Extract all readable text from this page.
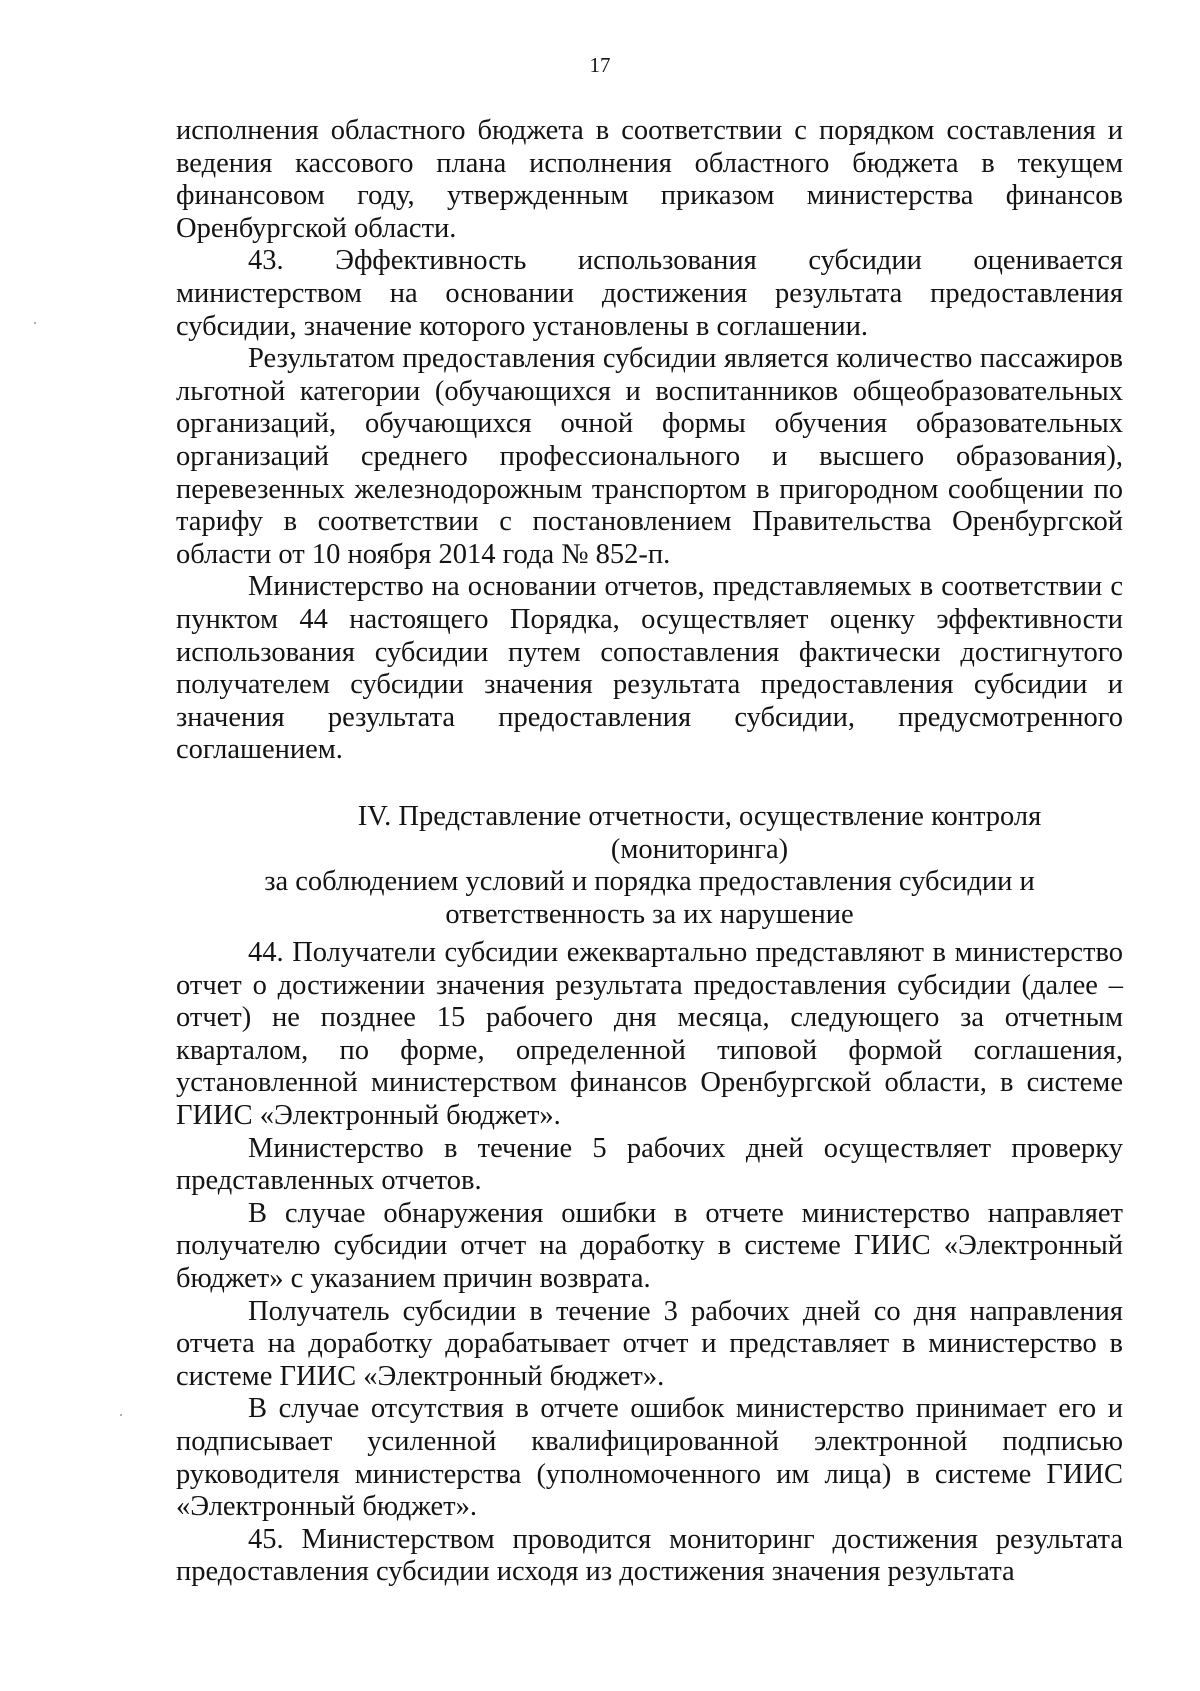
17

исполнения областного бюджета в соответствии с порядком составления и ведения кассового плана исполнения областного бюджета в текущем финансовом году, утвержденным приказом министерства финансов Оренбургской области.

43. Эффективность использования субсидии оценивается министерством на основании достижения результата предоставления субсидии, значение которого установлены в соглашении.

Результатом предоставления субсидии является количество пассажиров льготной категории (обучающихся и воспитанников общеобразовательных организаций, обучающихся очной формы обучения образовательных организаций среднего профессионального и высшего образования), перевезенных железнодорожным транспортом в пригородном сообщении по тарифу в соответствии с постановлением Правительства Оренбургской области от 10 ноября 2014 года № 852-п.

Министерство на основании отчетов, представляемых в соответствии с пунктом 44 настоящего Порядка, осуществляет оценку эффективности использования субсидии путем сопоставления фактически достигнутого получателем субсидии значения результата предоставления субсидии и значения результата предоставления субсидии, предусмотренного соглашением.

IV. Представление отчетности, осуществление контроля (мониторинга)
за соблюдением условий и порядка предоставления субсидии и
ответственность за их нарушение

44. Получатели субсидии ежеквартально представляют в министерство отчет о достижении значения результата предоставления субсидии (далее – отчет) не позднее 15 рабочего дня месяца, следующего за отчетным кварталом, по форме, определенной типовой формой соглашения, установленной министерством финансов Оренбургской области, в системе ГИИС «Электронный бюджет».

Министерство в течение 5 рабочих дней осуществляет проверку представленных отчетов.

В случае обнаружения ошибки в отчете министерство направляет получателю субсидии отчет на доработку в системе ГИИС «Электронный бюджет» с указанием причин возврата.

Получатель субсидии в течение 3 рабочих дней со дня направления отчета на доработку дорабатывает отчет и представляет в министерство в системе ГИИС «Электронный бюджет».

В случае отсутствия в отчете ошибок министерство принимает его и подписывает усиленной квалифицированной электронной подписью руководителя министерства (уполномоченного им лица) в системе ГИИС «Электронный бюджет».

45. Министерством проводится мониторинг достижения результата предоставления субсидии исходя из достижения значения результата
